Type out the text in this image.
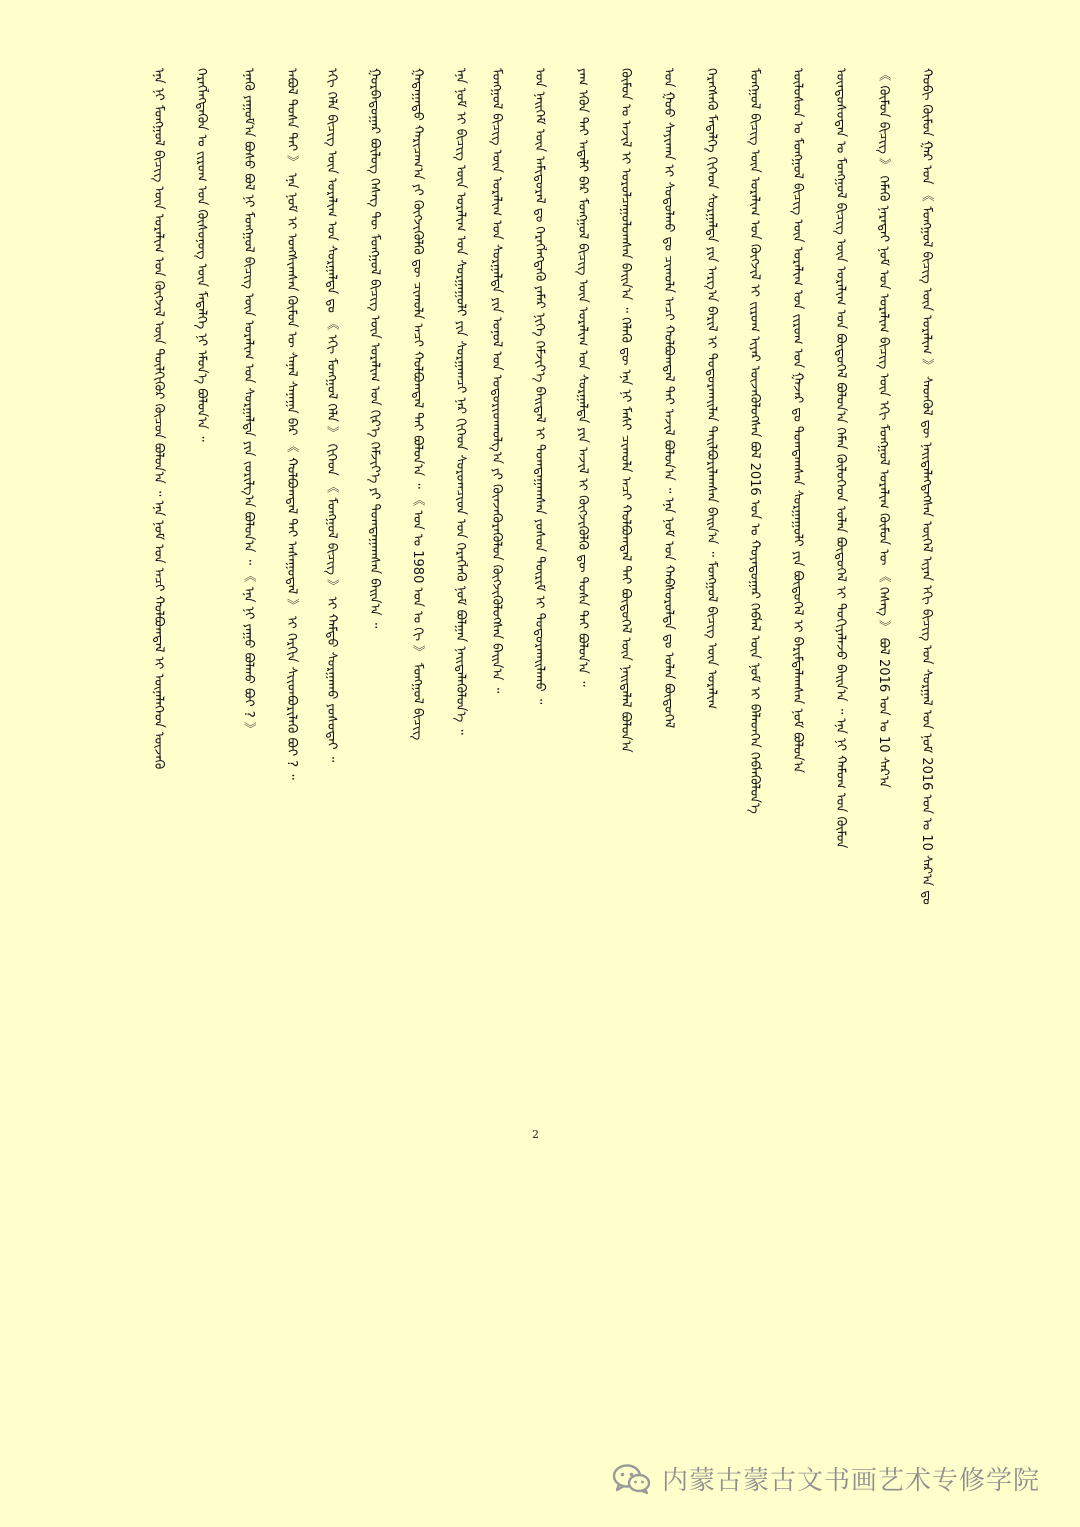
ᠬᠤᠪᠢ ᠬᠥᠮᠦᠨ ᠭᠠᠷ ᠤᠨ 《 ᠮᠣᠩᠭᠣᠯ ᠪᠢᠴᠢᠭ ᠦᠨ ᠤᠷᠠᠯᠢᠭ 》 ᠰᠡᠳᠬᠦᠯ ᠳᠦ ᠨᠡᠢᠲᠡᠯᠡᠭᠳᠡᠭᠰᠡᠨ ᠦᠭᠡᠯ ᠢᠶᠡᠨ ᠡᠬᠢ ᠪᠢᠴᠢᠭ ᠤᠨ ᠰᠤᠷᠭᠠᠯ ᠤᠨ ᠨᠣᠮ 2016 ᠣᠨ ᠤ 10 ᠰᠠᠷ᠎ᠠ ᠳᠤ
《 ᠬᠦᠮᠦᠨ ᠪᠢᠴᠢᠭ 》 ᠬᠡᠮᠡᠬᠦ ᠨᠡᠷᠡᠲᠡᠢ ᠨᠣᠮ ᠤᠨ ᠤᠷᠠᠯᠢᠭ ᠪᠢᠴᠢᠭ ᠦᠨ ᠡᠬᠢ ᠮᠣᠩᠭᠣᠯ ᠤᠷᠠᠯᠢᠭ ᠬᠥᠮᠦᠨ ᠦ 《 ᠬᠡᠰᠡᠭ 》 ᠪᠣᠯ 2016 ᠣᠨ ᠤ 10 ᠰᠠᠷ᠎ᠠ
ᠦᠨᠳᠦᠰᠦᠲᠡᠨ ᠤ ᠮᠣᠩᠭᠣᠯ ᠪᠢᠴᠢᠭ ᠦᠨ ᠤᠷᠠᠯᠢᠭ ᠤᠨ ᠪᠦᠲᠦᠭᠡᠯ ᠪᠣᠯᠤᠨ᠎ᠠ ᠬᠡᠮᠡᠨ ᠭᠦᠯᠦᠭᠡᠳ ᠣᠯᠠᠨ ᠪᠦᠲᠦᠭᠡᠯ ᠢ ᠲᠣᠭᠢᠶᠠᠯᠠᠵᠤ ᠪᠠᠢᠨ᠎ᠠ ᠃ ᠡᠨᠡ ᠨᠢ ᠬᠠᠮᠤᠭ ᠤᠨ ᠬᠦᠮᠦᠨ
ᠦᠯᠦᠰᠦᠨ ᠤ ᠮᠣᠩᠭᠣᠯ ᠪᠢᠴᠢᠭ ᠦᠨ ᠤᠷᠠᠯᠢᠭ ᠤᠨ ᠵᠢᠷᠤᠭ ᠤᠨ ᠭᠠᠵᠠᠷ ᠳᠤ ᠲᠣᠭᠲᠠᠭᠰᠠᠨ ᠰᠤᠷᠭᠠᠭᠤᠯᠢ ᠶᠢᠨ ᠪᠦᠲᠦᠭᠡᠯ ᠢ ᠪᠠᠷᠢᠮᠲᠠᠯᠠᠭᠰᠠᠨ ᠨᠣᠮ ᠪᠣᠯᠤᠨ᠎ᠠ
ᠮᠣᠩᠭᠣᠯ ᠪᠢᠴᠢᠭ ᠦᠨ ᠤᠷᠠᠯᠢᠭ ᠤᠨ ᠬᠥᠭᠵᠢᠯ ᠢ ᠵᠢᠷᠤᠭ ᠢᠶᠠᠷ ᠦᠵᠡᠭᠦᠯᠦᠭᠰᠡᠨ ᠪᠣᠯ 2016 ᠣᠨ ᠤ ᠬᠣᠶᠠᠳᠤᠭᠠᠷ ᠬᠡᠪᠯᠡᠯ ᠦᠨ ᠨᠣᠮ ᠢ ᠪᠡᠯᠡᠳᠬᠡᠨ ᠬᠡᠪᠯᠡᠭᠦᠯᠦᠨ᠎ᠡ
ᠬᠡᠷᠡᠭᠰᠡᠬᠦ ᠮᠡᠳᠡᠯᠭᠡ ᠬᠢᠭᠡᠳ ᠰᠤᠷᠭᠠᠯᠲᠠ ᠶᠢᠨ ᠠᠷᠭ᠎ᠠ ᠪᠠᠷᠢᠯ ᠢ ᠲᠣᠳᠤᠷᠬᠠᠢᠯᠠᠨ ᠲᠠᠢᠯᠪᠤᠷᠢᠯᠠᠭᠰᠠᠨ ᠪᠠᠢᠨ᠎ᠠ ᠃ ᠮᠣᠩᠭᠣᠯ ᠪᠢᠴᠢᠭ ᠦᠨ ᠤᠷᠠᠯᠢᠭ
ᠤᠨ ᠭᠣᠣ ᠰᠠᠶᠢᠬᠠᠨ ᠢ ᠰᠤᠳᠤᠯᠬᠤ ᠳᠤ ᠴᠢᠬᠤᠯᠠ ᠠᠴᠢ ᠬᠣᠯᠪᠣᠭᠳᠠᠯ ᠲᠠᠢ ᠠᠵᠢᠯ ᠪᠣᠯᠤᠨ᠎ᠠ ᠃ ᠡᠨᠡ ᠨᠣᠮ ᠤᠨ ᠬᠠᠪᠰᠤᠷᠤᠯᠲᠠ ᠳᠤ ᠣᠯᠠᠨ ᠪᠦᠲᠦᠭᠡᠯ
ᠬᠥᠮᠦᠨ ᠤ ᠠᠵᠢᠯ ᠢ ᠣᠷᠣᠯᠴᠠᠭᠤᠯᠤᠭᠰᠠᠨ ᠪᠠᠢᠨ᠎ᠠ ᠃ ᠬᠡᠯᠡᠬᠦ ᠳᠦ ᠡᠨᠡ ᠨᠢ ᠮᠠᠰᠢ ᠴᠢᠬᠤᠯᠠ ᠠᠴᠢ ᠬᠣᠯᠪᠣᠭᠳᠠᠯ ᠲᠠᠢ ᠪᠦᠲᠦᠭᠡᠯ ᠦᠨ ᠨᠡᠢᠲᠡᠯᠡᠯ ᠪᠣᠯᠤᠨ᠎ᠠ
ᠶᠠᠭ ᠡᠭᠦᠨ ᠲᠡᠢ ᠠᠳᠠᠯᠢ ᠪᠠᠷ ᠮᠣᠩᠭᠣᠯ ᠪᠢᠴᠢᠭ ᠦᠨ ᠤᠷᠠᠯᠢᠭ ᠤᠨ ᠰᠤᠷᠭᠠᠯᠲᠠ ᠶᠢᠨ ᠠᠵᠢᠯ ᠢ ᠬᠥᠭᠵᠢᠭᠦᠯᠬᠦ ᠳᠦ ᠲᠤᠰᠠ ᠲᠠᠢ ᠪᠣᠯᠤᠨ᠎ᠠ ᠃
ᠤᠨ ᠨᠡᠢᠭᠡᠮ ᠦᠨ ᠠᠮᠢᠳᠤᠷᠠᠯ ᠳᠤ ᠬᠡᠷᠡᠭᠯᠡᠭᠳᠡᠬᠦ ᠶᠠᠮᠠᠷ ᠨᠢᠭᠡ ᠬᠡᠮᠵᠢᠶ᠎ᠡ ᠪᠠᠢᠳᠠᠯ ᠢ ᠲᠣᠭᠲᠠᠭᠠᠭᠰᠠᠨ ᠶᠣᠰᠤᠨ ᠳᠦᠷᠢᠮ ᠢ ᠲᠣᠳᠤᠷᠬᠠᠢᠯᠠᠬᠤ ᠃
ᠮᠣᠩᠭᠣᠯ ᠪᠢᠴᠢᠭ ᠦᠨ ᠤᠷᠠᠯᠢᠭ ᠤᠨ ᠰᠤᠷᠭᠠᠯᠲᠠ ᠶᠢᠨ ᠣᠨᠣᠯ ᠤᠨ ᠤᠳᠤᠷᠢᠳᠬᠤᠯᠭ᠎ᠠ ᠶᠢ ᠭᠦᠨᠵᠡᠭᠦᠷᠡᠭᠦᠯᠦᠨ ᠬᠥᠭᠵᠢᠭᠦᠯᠦᠭᠰᠡᠨ ᠪᠠᠢᠨ᠎ᠠ ᠃
ᠡᠨᠡ ᠨᠣᠮ ᠢ ᠪᠢᠴᠢᠭ ᠦᠨ ᠤᠷᠠᠯᠢᠭ ᠤᠨ ᠰᠤᠷᠭᠠᠭᠤᠯᠢ ᠶᠢᠨ ᠰᠤᠷᠭᠠᠭᠴᠢ ᠨᠠᠷ ᠬᠢᠭᠡᠳ ᠰᠤᠷᠤᠭᠴᠢᠳ ᠤᠨ ᠬᠡᠷᠡᠭᠯᠡᠬᠦ ᠨᠣᠮ ᠪᠣᠯᠭᠠᠨ ᠨᠡᠢᠲᠡᠯᠡᠭᠦᠯᠦᠨ᠎ᠡ ᠃
ᠭᠠᠳᠠᠭᠠᠳᠤ ᠬᠠᠷᠢᠴᠠᠭ᠎ᠠ ᠶᠢ ᠬᠥᠭᠵᠢᠭᠦᠯᠬᠦ ᠳᠦ ᠴᠢᠬᠤᠯᠠ ᠠᠴᠢ ᠬᠣᠯᠪᠣᠭᠳᠠᠯ ᠲᠠᠢ ᠪᠣᠯᠤᠨ᠎ᠠ ᠃ 《 ᠣᠨ ᠤ 1980 ᠣᠨ ᠤ ᠬᠢ 》 ᠮᠣᠩᠭᠣᠯ ᠪᠢᠴᠢᠭ
ᠭᠤᠷᠪᠠᠳᠤᠭᠠᠷ ᠪᠦᠯᠦᠭ ᠬᠡᠰᠡᠭ ᠲᠦ ᠮᠣᠩᠭᠣᠯ ᠪᠢᠴᠢᠭ ᠦᠨ ᠤᠷᠠᠯᠢᠭ ᠤᠨ ᠬᠢᠷ᠎ᠡ ᠬᠡᠮᠵᠢᠶ᠎ᠡ ᠶᠢ ᠲᠣᠭᠲᠠᠭᠠᠭᠰᠠᠨ ᠪᠠᠢᠨ᠎ᠠ ᠃
ᠡᠬᠢ ᠬᠡᠯᠡ ᠪᠢᠴᠢᠭ ᠦᠨ ᠤᠷᠠᠯᠢᠭ ᠤᠨ ᠰᠤᠷᠭᠠᠯᠲᠠ ᠳᠤ 《 ᠡᠬᠢ ᠮᠣᠩᠭᠣᠯ ᠬᠡᠯᠡ 》 ᠬᠢᠭᠡᠳ 《 ᠮᠣᠩᠭᠣᠯ ᠪᠢᠴᠢᠭ 》 ᠢ ᠬᠠᠮᠲᠤ ᠰᠤᠷᠭᠠᠬᠤ ᠶᠣᠰᠤᠲᠠᠢ ᠃
ᠠᠪᠤᠯ ᠲᠤᠰᠠ ᠲᠠᠢ 》 ᠡᠨᠡ ᠨᠣᠮ ᠢ ᠤᠩᠰᠢᠭᠰᠠᠨ ᠬᠥᠮᠦᠨ ᠦ ᠰᠠᠨᠠᠯ ᠰᠠᠨᠠᠭᠠ ᠪᠠᠷ 《 ᠬᠣᠯᠪᠣᠭᠳᠠᠯ ᠲᠠᠢ ᠠᠰᠠᠭᠤᠳᠠᠯ 》 ᠢ ᠬᠡᠷᠬᠢᠨ ᠰᠢᠢᠳᠪᠦᠷᠢᠯᠡᠬᠦ ᠪᠤᠢ ? ᠃
ᠡᠨᠡᠬᠦ ᠶᠠᠭᠤᠮ᠎ᠠ ᠪᠤᠰᠤ ᠪᠣᠯ ᠨᠢ ᠮᠣᠩᠭᠣᠯ ᠪᠢᠴᠢᠭ ᠦᠨ ᠤᠷᠠᠯᠢᠭ ᠤᠨ ᠰᠤᠷᠭᠠᠯᠲᠠ ᠶᠢᠨ ᠵᠣᠷᠢᠯᠭ᠎ᠠ ᠪᠣᠯᠤᠨ᠎ᠠ ᠃ 《 ᠡᠨᠡ ᠨᠢ ᠶᠠᠭᠤ ᠪᠣᠯᠬᠤ ᠪᠤᠢ ? 》
ᠬᠡᠷᠡᠭᠯᠡᠭᠳᠡᠬᠦᠨ ᠤ ᠵᠢᠷᠤᠭ ᠤᠨ ᠬᠦᠰᠦᠨᠦᠭ ᠦᠨ ᠮᠡᠳᠡᠯᠭᠡ ᠨᠢ ᠡᠮᠦᠨ᠎ᠡ ᠪᠣᠯᠤᠨ᠎ᠠ ᠃
ᠡᠨᠡ ᠨᠢ ᠮᠣᠩᠭᠣᠯ ᠪᠢᠴᠢᠭ ᠦᠨ ᠤᠷᠠᠯᠢᠭ ᠤᠨ ᠬᠥᠭᠵᠢᠯ ᠦᠨ ᠲᠦᠯᠬᠢᠭᠦᠷ ᠬᠦᠴᠦᠨ ᠪᠣᠯᠤᠨ᠎ᠠ ᠃ ᠡᠨᠡ ᠨᠣᠮ ᠤᠨ ᠠᠴᠢ ᠬᠣᠯᠪᠣᠭᠳᠠᠯ ᠢ ᠦᠨᠡᠯᠡᠭᠡᠳ ᠦᠵᠡᠬᠦ
2
内蒙古蒙古文书画艺术专修学院
